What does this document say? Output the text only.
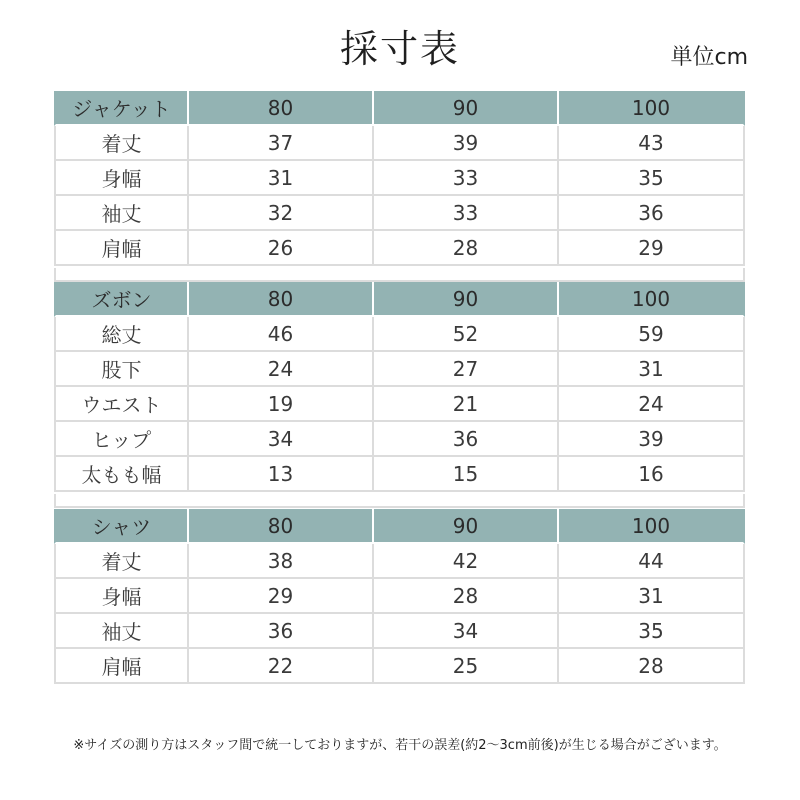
採寸表	単位cm
ジャケット	80	90	100
着丈	37	39	43
身幅	31	33	35
袖丈	32	33	36
肩幅	26	28	29
ズボン	80	90	100
総丈	46	52	59
股下	24	27	31
ウエスト	19	21	24
ヒップ	34	36	39
太もも幅	13	15	16
シャツ	80	90	100
着丈	38	42	44
身幅	29	28	31
袖丈	36	34	35
肩幅	22	25	28
※サイズの測り方はスタッフ間で統一しておりますが、若干の誤差(約2～3cm前後)が生じる場合がございます。
